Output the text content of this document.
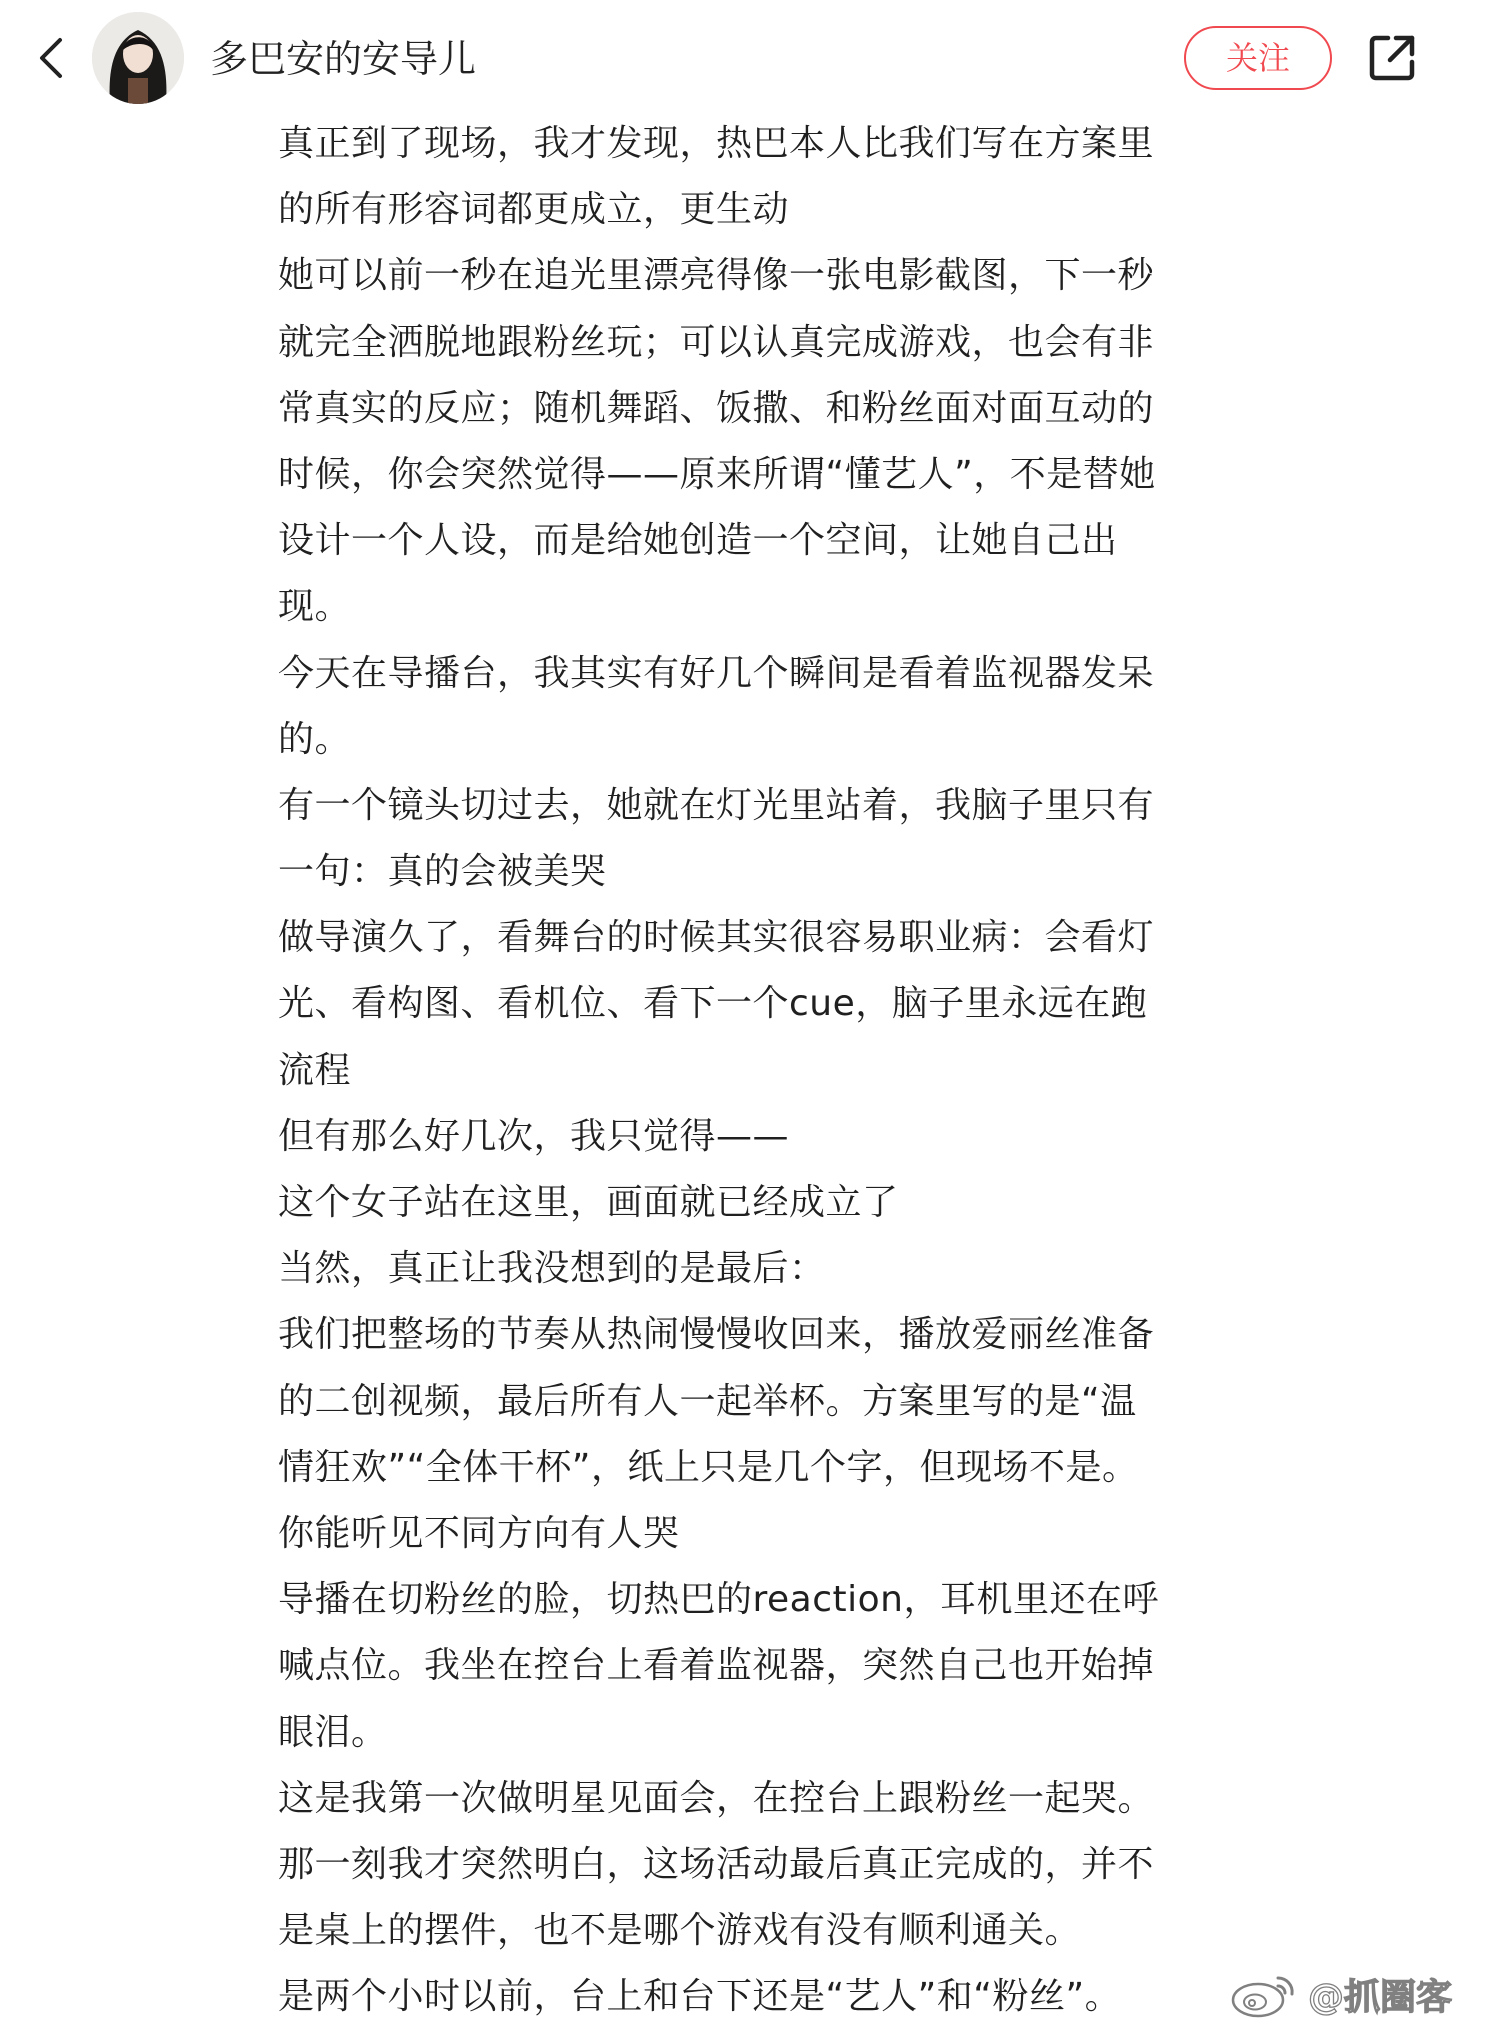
多巴安的安导儿	关注
真正到了现场，我才发现，热巴本人比我们写在方案里
的所有形容词都更成立，更生动
她可以前一秒在追光里漂亮得像一张电影截图，下一秒
就完全洒脱地跟粉丝玩；可以认真完成游戏，也会有非
常真实的反应；随机舞蹈、饭撒、和粉丝面对面互动的
时候，你会突然觉得——原来所谓“懂艺人”，不是替她
设计一个人设，而是给她创造一个空间，让她自己出
现。
今天在导播台，我其实有好几个瞬间是看着监视器发呆
的。
有一个镜头切过去，她就在灯光里站着，我脑子里只有
一句：真的会被美哭
做导演久了，看舞台的时候其实很容易职业病：会看灯
光、看构图、看机位、看下一个cue，脑子里永远在跑
流程
但有那么好几次，我只觉得——
这个女子站在这里，画面就已经成立了
当然，真正让我没想到的是最后：
我们把整场的节奏从热闹慢慢收回来，播放爱丽丝准备
的二创视频，最后所有人一起举杯。方案里写的是“温
情狂欢”“全体干杯”，纸上只是几个字，但现场不是。
你能听见不同方向有人哭
导播在切粉丝的脸，切热巴的reaction，耳机里还在呼
喊点位。我坐在控台上看着监视器，突然自己也开始掉
眼泪。
这是我第一次做明星见面会，在控台上跟粉丝一起哭。
那一刻我才突然明白，这场活动最后真正完成的，并不
是桌上的摆件，也不是哪个游戏有没有顺利通关。
是两个小时以前，台上和台下还是“艺人”和“粉丝”。	@抓圈客
